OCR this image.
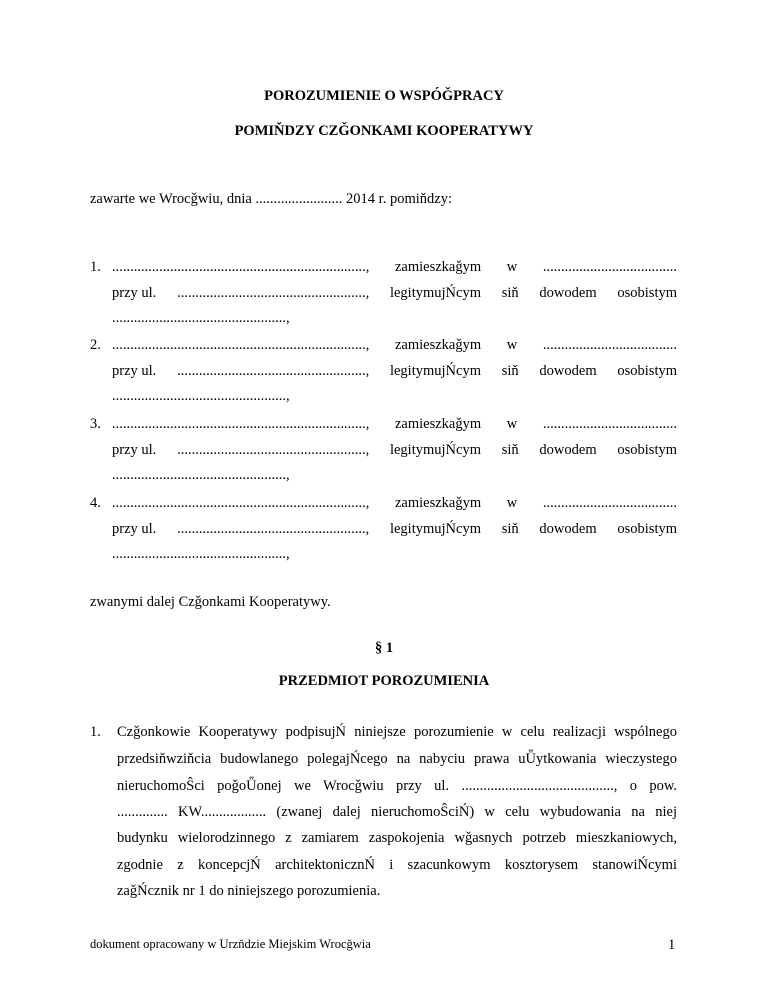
POROZUMIENIE O WSPÓǦPRACY
POMIŇDZY CZǦONKAMI KOOPERATYWY
zawarte we Wrocǧwiu, dnia ........................ 2014 r. pomiňdzy:
1. ......................................................................, zamieszkaǧym w .....................................
przy ul. ...................................................., legitymujŃcym siň dowodem osobistym
................................................,
2. ......................................................................, zamieszkaǧym w .....................................
przy ul. ...................................................., legitymujŃcym siň dowodem osobistym
................................................,
3. ......................................................................, zamieszkaǧym w .....................................
przy ul. ...................................................., legitymujŃcym siň dowodem osobistym
................................................,
4. ......................................................................, zamieszkaǧym w .....................................
przy ul. ...................................................., legitymujŃcym siň dowodem osobistym
................................................,
zwanymi dalej Czǧonkami Kooperatywy.
§ 1
PRZEDMIOT POROZUMIENIA
1. Czǧonkowie Kooperatywy podpisujŃ niniejsze porozumienie w celu realizacji wspólnego
przedsiňwziňcia budowlanego polegajŃcego na nabyciu prawa uǕytkowania wieczystego
nieruchomoŜci poǧoǕonej we Wrocǧwiu przy ul. .........................................., o pow.
.............. KW.................. (zwanej dalej nieruchomoŜciŃ) w celu wybudowania na niej
budynku wielorodzinnego z zamiarem zaspokojenia wǧasnych potrzeb mieszkaniowych,
zgodnie z koncepcjŃ architektonicznŃ i szacunkowym kosztorysem stanowiŃcymi
zaǧŃcznik nr 1 do niniejszego porozumienia.
dokument opracowany w Urzňdzie Miejskim Wrocǧwia	1
